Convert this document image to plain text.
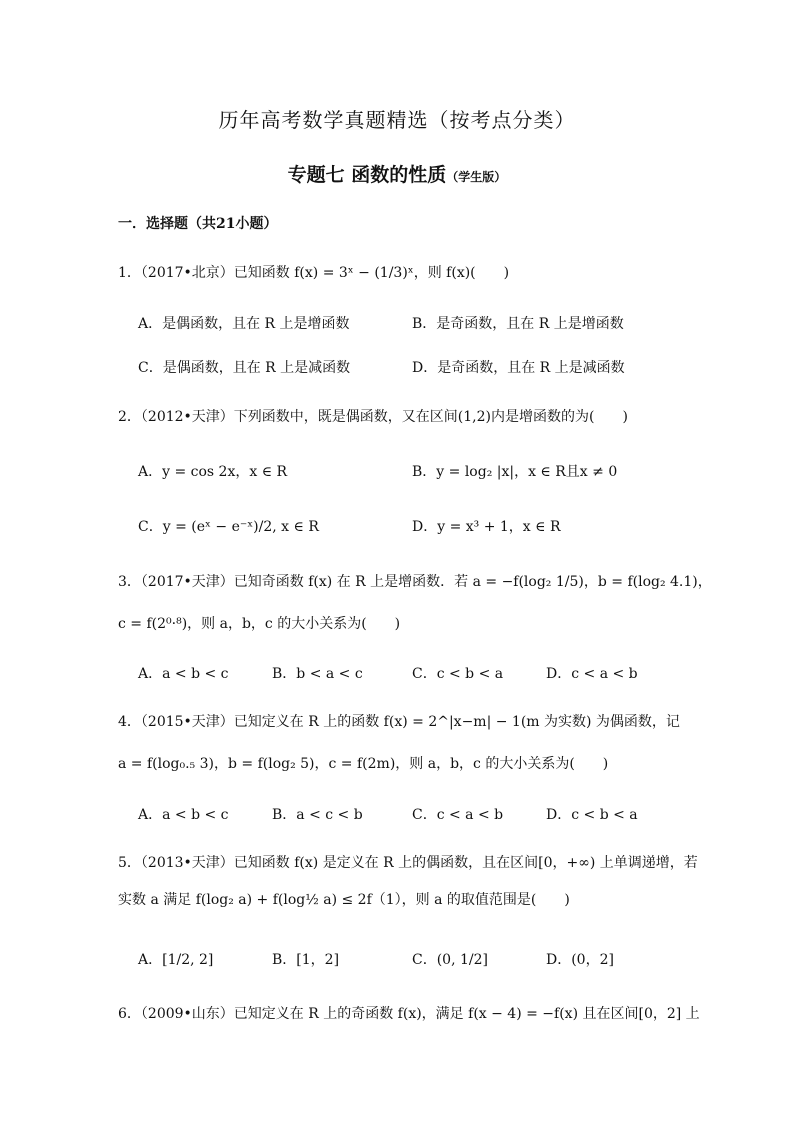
历年高考数学真题精选（按考点分类）
专题七 函数的性质（学生版）
一．选择题（共21小题）
1．（2017•北京）已知函数 f(x) = 3ˣ − (1/3)ˣ，则 f(x)(　　)
A．是偶函数，且在 R 上是增函数	B．是奇函数，且在 R 上是增函数
C．是偶函数，且在 R 上是减函数	D．是奇函数，且在 R 上是减函数
2．（2012•天津）下列函数中，既是偶函数，又在区间(1,2)内是增函数的为(　　)
A．y = cos 2x，x ∈ R	B．y = log₂ |x|，x ∈ R且x ≠ 0
C．y = (eˣ − e⁻ˣ)/2, x ∈ R	D．y = x³ + 1，x ∈ R
3．（2017•天津）已知奇函数 f(x) 在 R 上是增函数．若 a = −f(log₂ 1/5)，b = f(log₂ 4.1)，
c = f(2⁰·⁸)，则 a，b，c 的大小关系为(　　)
A．a < b < c	B．b < a < c	C．c < b < a	D．c < a < b
4．（2015•天津）已知定义在 R 上的函数 f(x) = 2^|x−m| − 1(m 为实数) 为偶函数，记
a = f(log₀.₅ 3)，b = f(log₂ 5)，c = f(2m)，则 a，b，c 的大小关系为(　　)
A．a < b < c	B．a < c < b	C．c < a < b	D．c < b < a
5．（2013•天津）已知函数 f(x) 是定义在 R 上的偶函数，且在区间[0，+∞) 上单调递增，若
实数 a 满足 f(log₂ a) + f(log½ a) ≤ 2f（1），则 a 的取值范围是(　　)
A．[1/2, 2]	B．[1，2]	C．(0, 1/2]	D．(0，2]
6．（2009•山东）已知定义在 R 上的奇函数 f(x)，满足 f(x − 4) = −f(x) 且在区间[0，2] 上
